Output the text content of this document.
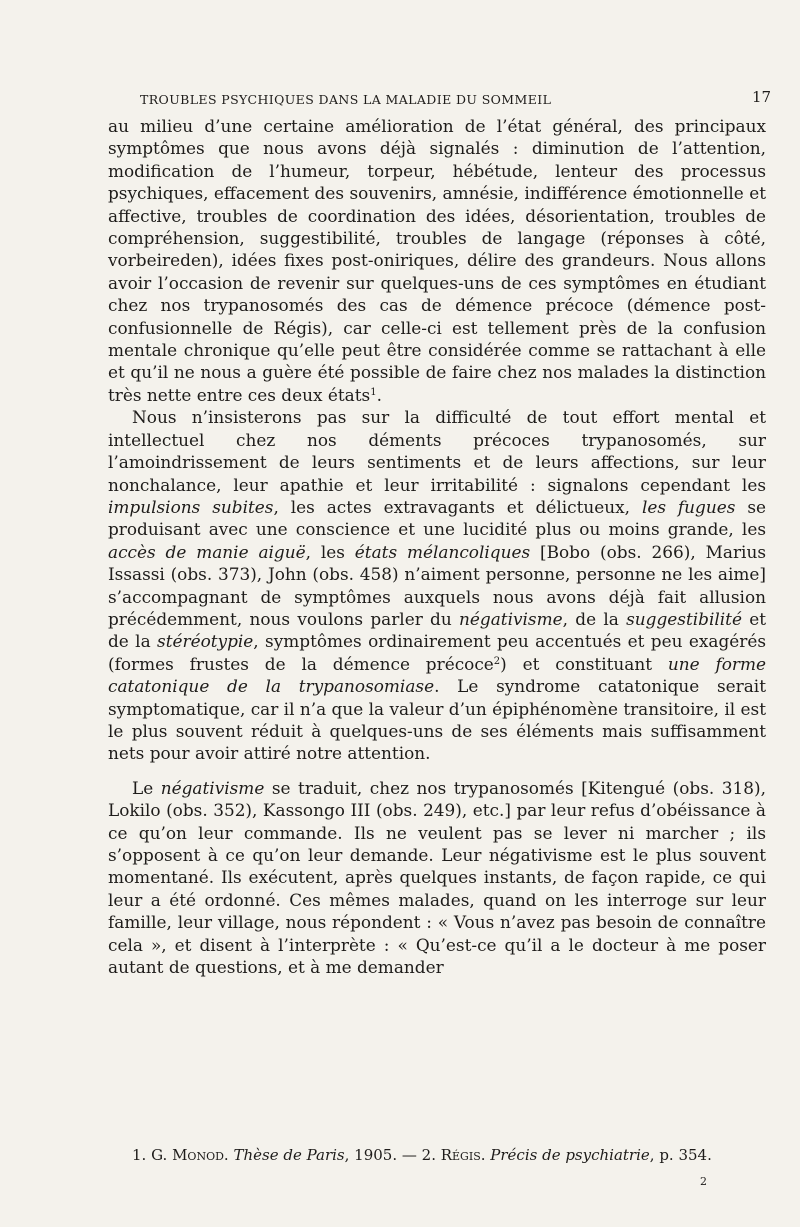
TROUBLES PSYCHIQUES DANS LA MALADIE DU SOMMEIL	17

au milieu d’une certaine amélioration de l’état général, des principaux symptômes que nous avons déjà signalés : diminution de l’attention, modification de l’humeur, torpeur, hébétude, lenteur des processus psychiques, effacement des souvenirs, amnésie, indifférence émotionnelle et affective, troubles de coordination des idées, désorientation, troubles de compréhension, suggestibilité, troubles de langage (réponses à côté, vorbeireden), idées fixes post-oniriques, délire des grandeurs. Nous allons avoir l’occasion de revenir sur quelques-uns de ces symptômes en étudiant chez nos trypanosomés des cas de démence précoce (démence post-confusionnelle de Régis), car celle-ci est tellement près de la confusion mentale chronique qu’elle peut être considérée comme se rattachant à elle et qu’il ne nous a guère été possible de faire chez nos malades la distinction très nette entre ces deux états$^1$.

Nous n’insisterons pas sur la difficulté de tout effort mental et intellectuel chez nos déments précoces trypanosomés, sur l’amoindrissement de leurs sentiments et de leurs affections, sur leur nonchalance, leur apathie et leur irritabilité : signalons cependant les impulsions subites, les actes extravagants et délictueux, les fugues se produisant avec une conscience et une lucidité plus ou moins grande, les accès de manie aiguë, les états mélancoliques [Bobo (obs. 266), Marius Issassi (obs. 373), John (obs. 458) n’aiment personne, personne ne les aime] s’accompagnant de symptômes auxquels nous avons déjà fait allusion précédemment, nous voulons parler du négativisme, de la suggestibilité et de la stéréotypie, symptômes ordinairement peu accentués et peu exagérés (formes frustes de la démence précoce$^2$) et constituant une forme catatonique de la trypanosomiase. Le syndrome catatonique serait symptomatique, car il n’a que la valeur d’un épiphénomène transitoire, il est le plus souvent réduit à quelques-uns de ses éléments mais suffisamment nets pour avoir attiré notre attention.

Le négativisme se traduit, chez nos trypanosomés [Kitengué (obs. 318), Lokilo (obs. 352), Kassongo III (obs. 249), etc.] par leur refus d’obéissance à ce qu’on leur commande. Ils ne veulent pas se lever ni marcher ; ils s’opposent à ce qu’on leur demande. Leur négativisme est le plus souvent momentané. Ils exécutent, après quelques instants, de façon rapide, ce qui leur a été ordonné. Ces mêmes malades, quand on les interroge sur leur famille, leur village, nous répondent : « Vous n’avez pas besoin de connaître cela », et disent à l’interprète : « Qu’est-ce qu’il a le docteur à me poser autant de questions, et à me demander

1. G. Monod. Thèse de Paris, 1905. — 2. Régis. Précis de psychiatrie, p. 354.
2
